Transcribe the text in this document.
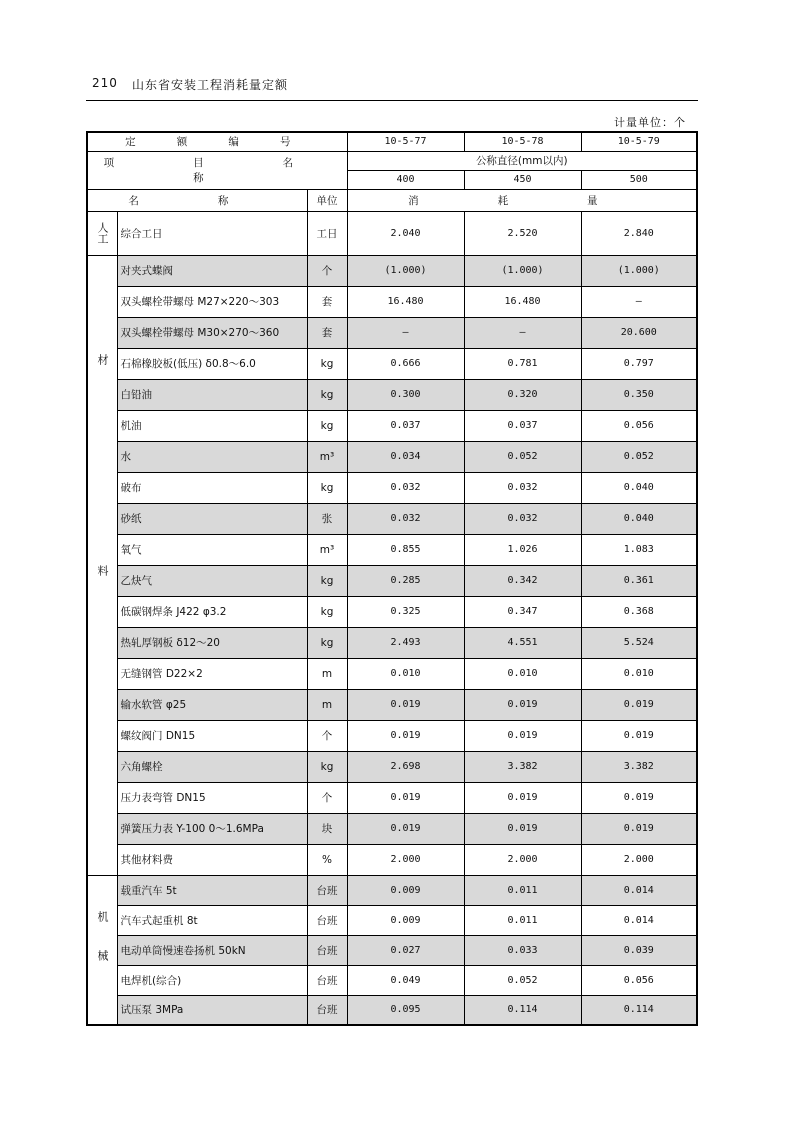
210 山东省安装工程消耗量定额
计量单位：个
定 额 编 号			10-5-77	10-5-78	10-5-79
项 目 名 称			公称直径(mm以内)		
			400	450	500
名 称		单位	消 耗 量		
人工	综合工日	工日	2.040	2.520	2.840
材料	对夹式蝶阀	个	(1.000)	(1.000)	(1.000)
	双头螺栓带螺母 M27×220～303	套	16.480	16.480	—
	双头螺栓带螺母 M30×270～360	套	—	—	20.600
	石棉橡胶板(低压) δ0.8～6.0	kg	0.666	0.781	0.797
	白铅油	kg	0.300	0.320	0.350
	机油	kg	0.037	0.037	0.056
	水	m³	0.034	0.052	0.052
	破布	kg	0.032	0.032	0.040
	砂纸	张	0.032	0.032	0.040
	氧气	m³	0.855	1.026	1.083
	乙炔气	kg	0.285	0.342	0.361
	低碳钢焊条 J422 φ3.2	kg	0.325	0.347	0.368
	热轧厚钢板 δ12～20	kg	2.493	4.551	5.524
	无缝钢管 D22×2	m	0.010	0.010	0.010
	输水软管 φ25	m	0.019	0.019	0.019
	螺纹阀门 DN15	个	0.019	0.019	0.019
	六角螺栓	kg	2.698	3.382	3.382
	压力表弯管 DN15	个	0.019	0.019	0.019
	弹簧压力表 Y-100 0～1.6MPa	块	0.019	0.019	0.019
	其他材料费	%	2.000	2.000	2.000
机械	载重汽车 5t	台班	0.009	0.011	0.014
	汽车式起重机 8t	台班	0.009	0.011	0.014
	电动单筒慢速卷扬机 50kN	台班	0.027	0.033	0.039
	电焊机(综合)	台班	0.049	0.052	0.056
	试压泵 3MPa	台班	0.095	0.114	0.114
